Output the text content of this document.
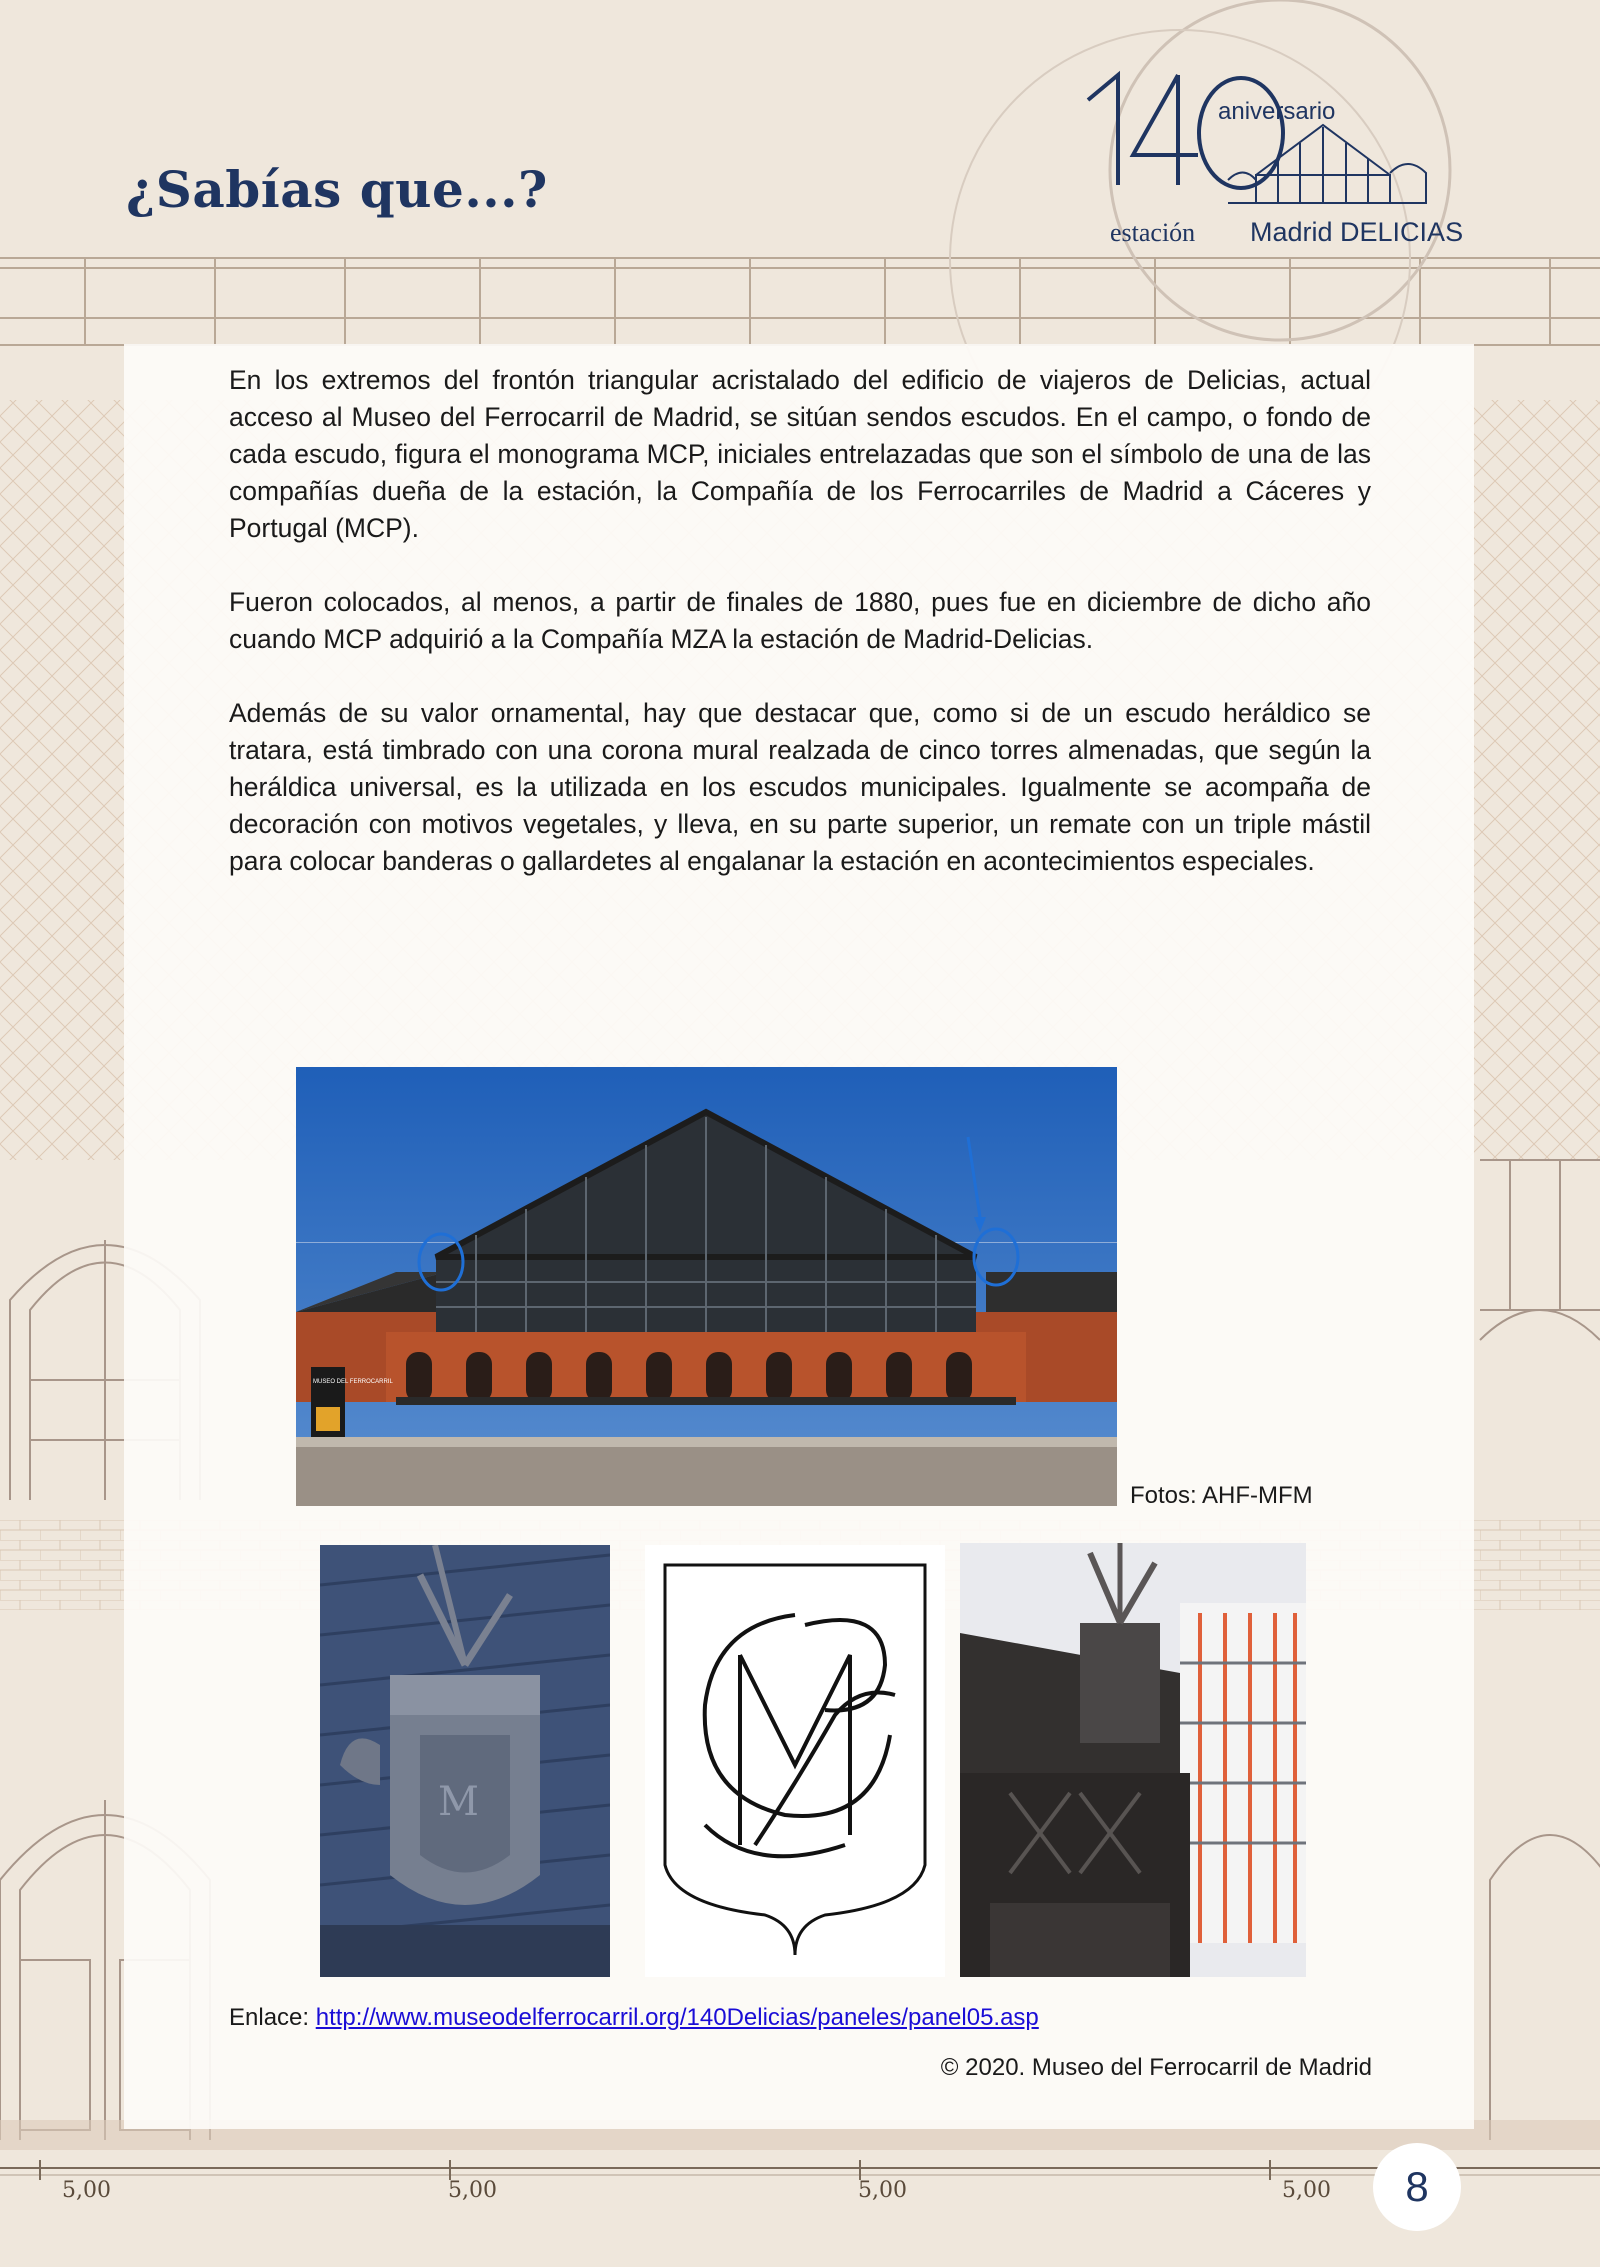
¿Sabías que...?
aniversario
estación Madrid DELICIAS

En los extremos del frontón triangular acristalado del edificio de viajeros de Delicias, actual acceso al Museo del Ferrocarril de Madrid, se sitúan sendos escudos. En el campo, o fondo de cada escudo, figura el monograma MCP, iniciales entrelazadas que son el símbolo de una de las compañías dueña de la estación, la Compañía de los Ferrocarriles de Madrid a Cáceres y Portugal (MCP).

Fueron colocados, al menos, a partir de finales de 1880, pues fue en diciembre de dicho año cuando MCP adquirió a la Compañía MZA la estación de Madrid-Delicias.

Además de su valor ornamental, hay que destacar que, como si de un escudo heráldico se tratara, está timbrado con una corona mural realzada de cinco torres almenadas, que según la heráldica universal, es la utilizada en los escudos municipales. Igualmente se acompaña de decoración con motivos vegetales, y lleva, en su parte superior, un remate con un triple mástil para colocar banderas o gallardetes al engalanar la estación en acontecimientos especiales.

MUSEO DEL FERROCARRIL
Fotos: AHF-MFM
M
Enlace: http://www.museodelferrocarril.org/140Delicias/paneles/panel05.asp
© 2020. Museo del Ferrocarril de Madrid
5,00	5,00	5,00	5,00	8
